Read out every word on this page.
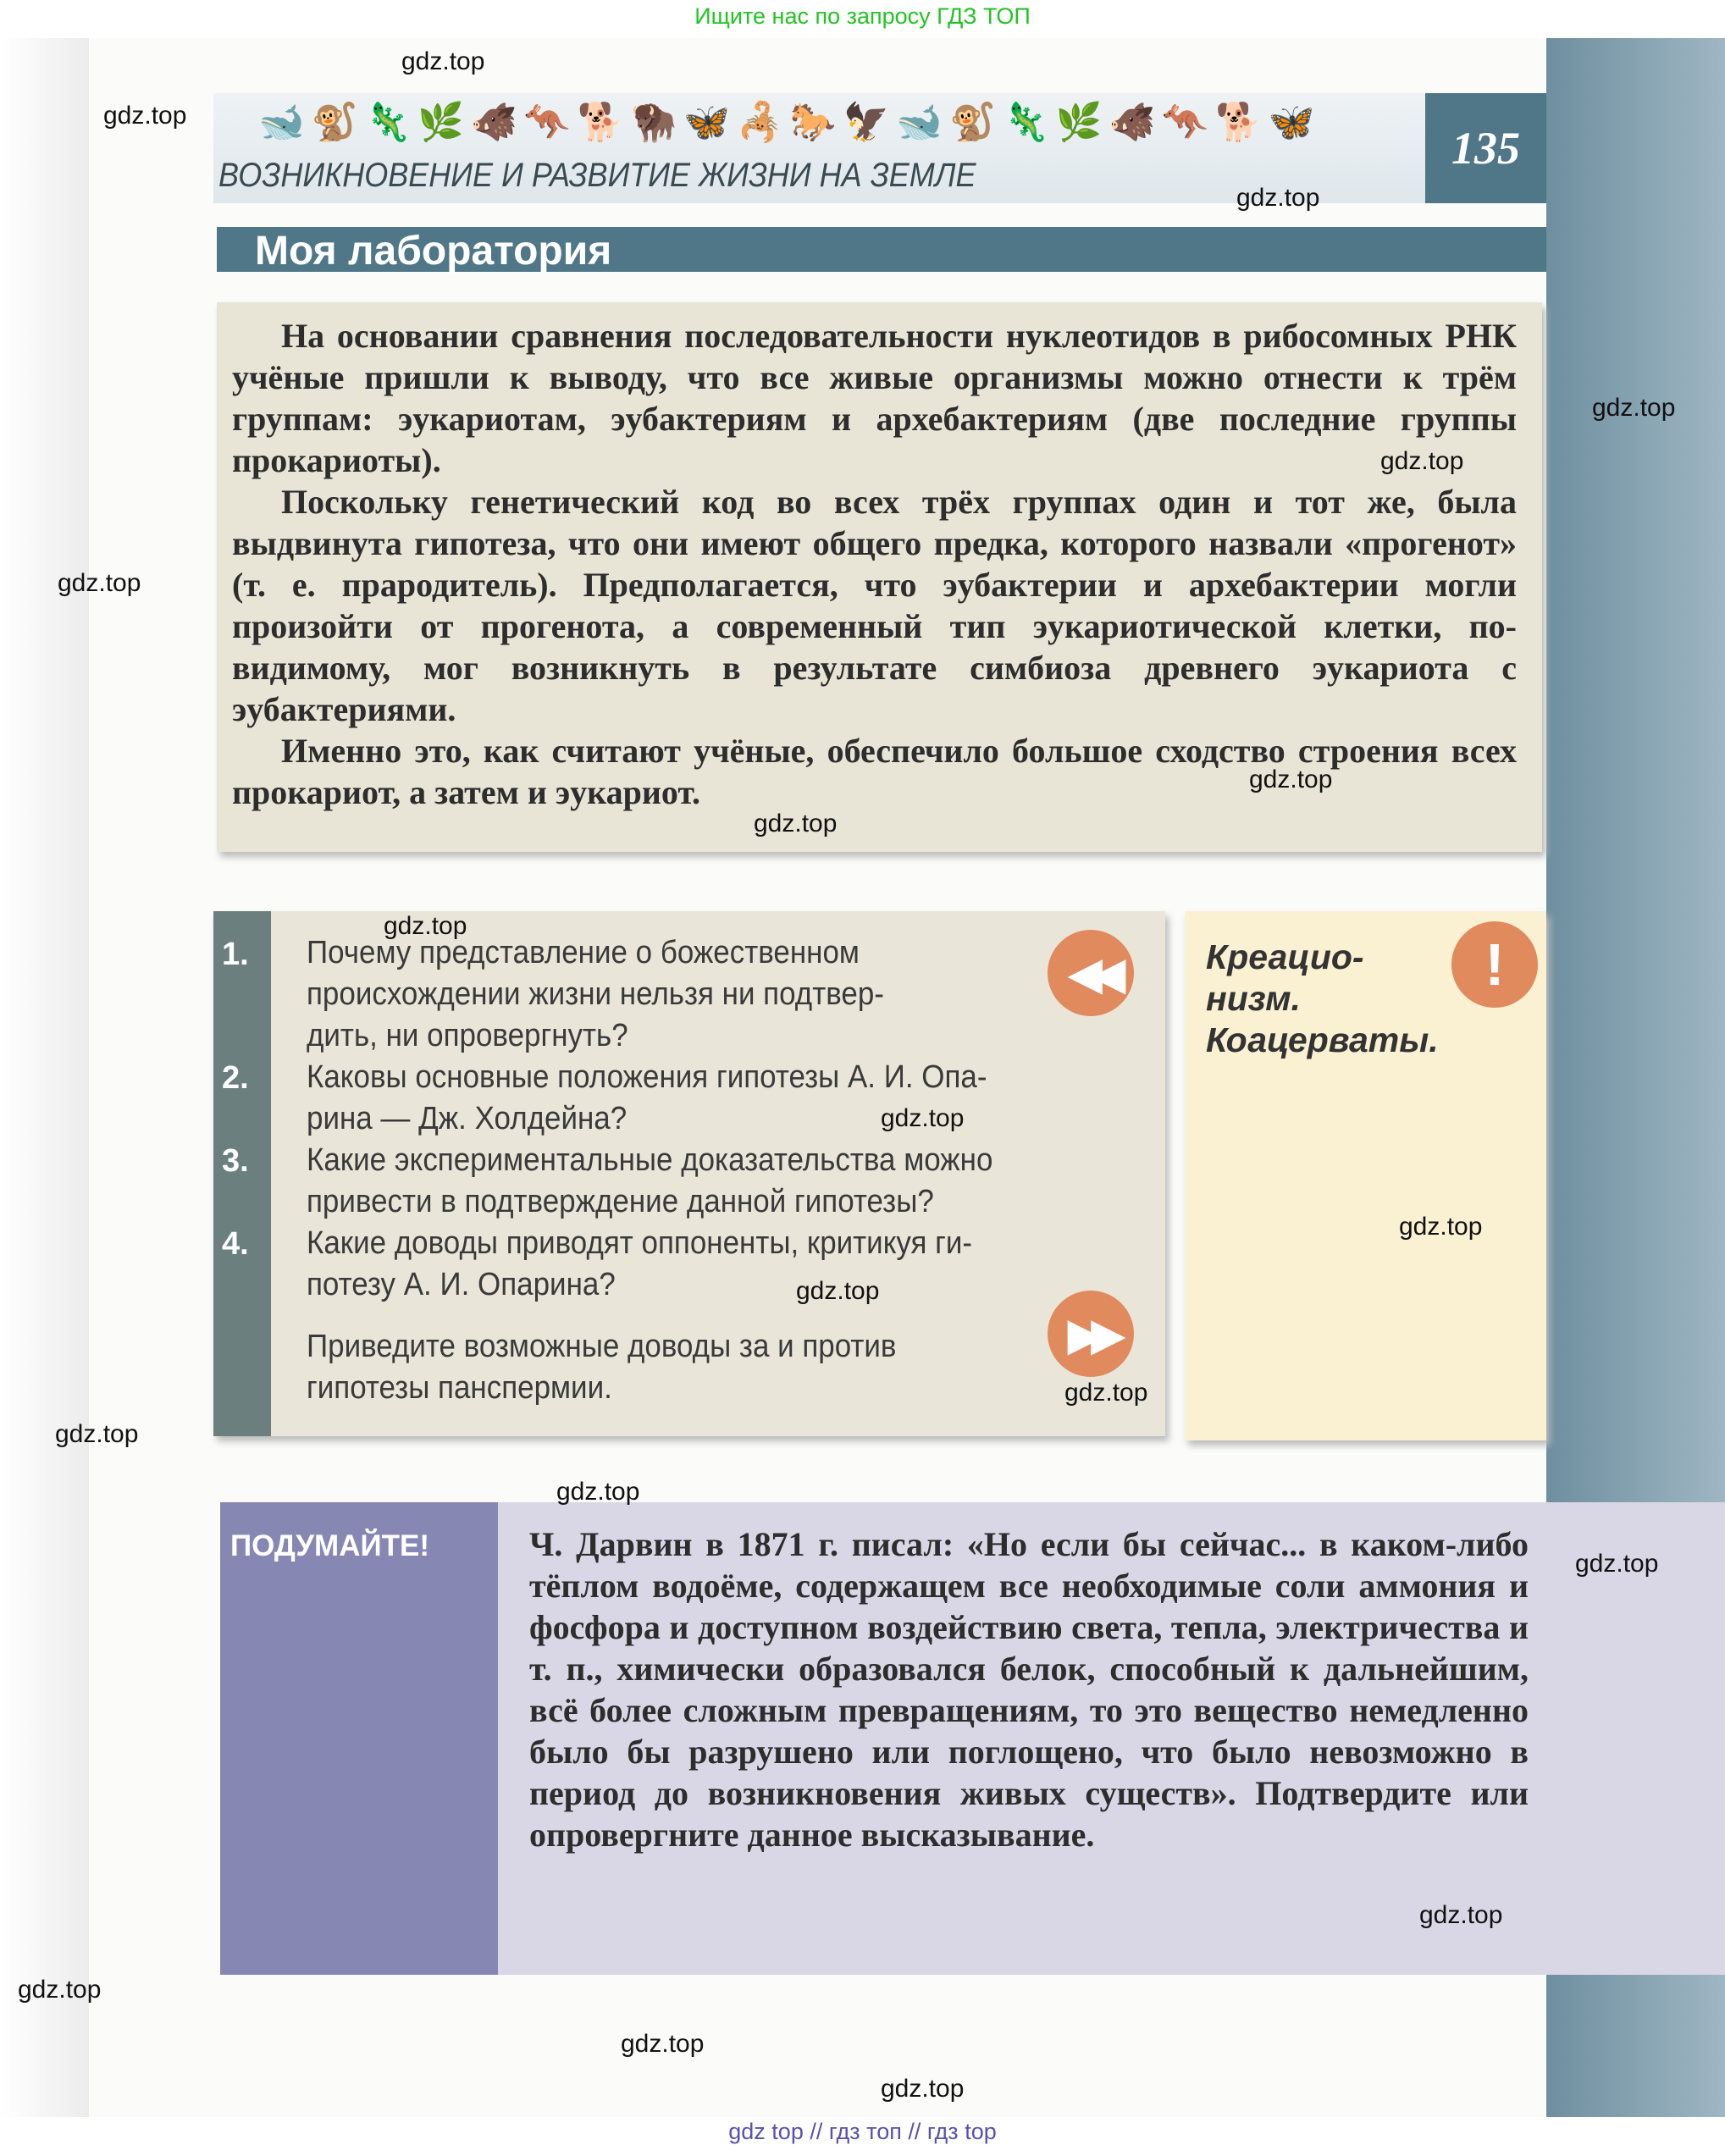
Ищите нас по запросу ГДЗ ТОП
🐋🐒🦎🌿🐗🦘🐕🦬🦋🦂🐎🦅🐋🐒🦎🌿🐗🦘🐕🦋
ВОЗНИКНОВЕНИЕ И РАЗВИТИЕ ЖИЗНИ НА ЗЕМЛЕ
135
Моя лаборатория

На основании сравнения последовательности нуклеотидов в рибосомных РНК учёные пришли к выводу, что все живые организмы можно отнести к трём группам: эукариотам, эубактериям и архебактериям (две последние группы прокариоты).

Поскольку генетический код во всех трёх группах один и тот же, была выдвинута гипотеза, что они имеют общего предка, которого назвали «прогенот» (т. е. прародитель). Предполагается, что эубактерии и архебактерии могли произойти от прогенота, а современный тип эукариотической клетки, по-видимому, мог возникнуть в результате симбиоза древнего эукариота с эубактериями.

Именно это, как считают учёные, обеспечило большое сходство строения всех прокариот, а затем и эукариот.

1. Почему представление о божественном
происхождении жизни нельзя ни подтвер-
дить, ни опровергнуть?
2. Каковы основные положения гипотезы А. И. Опа-
рина — Дж. Холдейна?
3. Какие экспериментальные доказательства можно
привести в подтверждение данной гипотезы?
4. Какие доводы приводят оппоненты, критикуя ги-
потезу А. И. Опарина?
Приведите возможные доводы за и против
гипотезы панспермии.
◀◀
▶▶
Креацио-
низм.
Коацерваты.
!
ПОДУМАЙТЕ!	Ч. Дарвин в 1871 г. писал: «Но если бы сейчас... в каком-либо тёплом водоёме, содержащем все необходимые соли аммония и фосфора и доступном воздействию света, тепла, электричества и т. п., химически образовался белок, способный к дальнейшим, всё более сложным превращениям, то это вещество немедленно было бы разрушено или поглощено, что было невозможно в период до возникновения живых существ». Подтвердите или опровергните данное высказывание.
gdz.top
gdz.top
gdz.top
gdz.top
gdz.top
gdz.top
gdz.top
gdz.top
gdz.top
gdz.top
gdz.top
gdz.top
gdz.top
gdz.top
gdz.top
gdz.top
gdz.top
gdz.top
gdz.top
gdz.top
gdz top // гдз топ // гдз top
